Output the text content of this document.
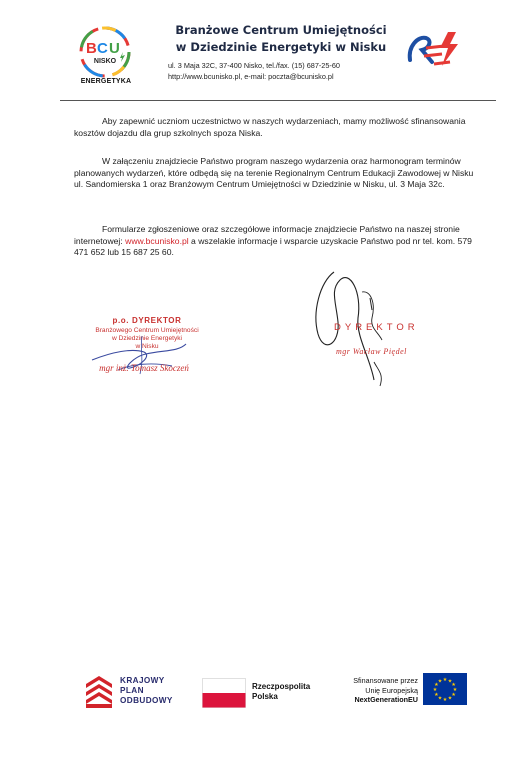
B C U
NISKO
ENERGETYKA
Branżowe Centrum Umiejętności
w Dziedzinie Energetyki w Nisku
ul. 3 Maja 32C, 37-400 Nisko, tel./fax. (15) 687-25-60
http://www.bcunisko.pl, e-mail: poczta@bcunisko.pl
Aby zapewnić uczniom uczestnictwo w naszych wydarzeniach, mamy możliwość sfinansowania kosztów dojazdu dla grup szkolnych spoza Niska.
W załączeniu znajdziecie Państwo program naszego wydarzenia oraz harmonogram terminów planowanych wydarzeń, które odbędą się na terenie Regionalnym Centrum Edukacji Zawodowej w Nisku ul. Sandomierska 1 oraz Branżowym Centrum Umiejętności w Dziedzinie w Nisku, ul. 3 Maja 32c.
Formularze zgłoszeniowe oraz szczegółowe informacje znajdziecie Państwo na naszej stronie internetowej: www.bcunisko.pl a wszelakie informacje i wsparcie uzyskacie Państwo pod nr tel. kom. 579 471 652 lub 15 687 25 60.
p.o. DYREKTOR
Branżowego Centrum Umiejętności
w Dziedzinie Energetyki
w Nisku
mgr inż. Tomasz Skoczeń
DYREKTOR
mgr Wacław Piędel
KRAJOWY
PLAN
ODBUDOWY
Rzeczpospolita
Polska
Sfinansowane przez
Unię Europejską
NextGenerationEU
★ ★
★
★
★
★
★
★
★
★
★
★
